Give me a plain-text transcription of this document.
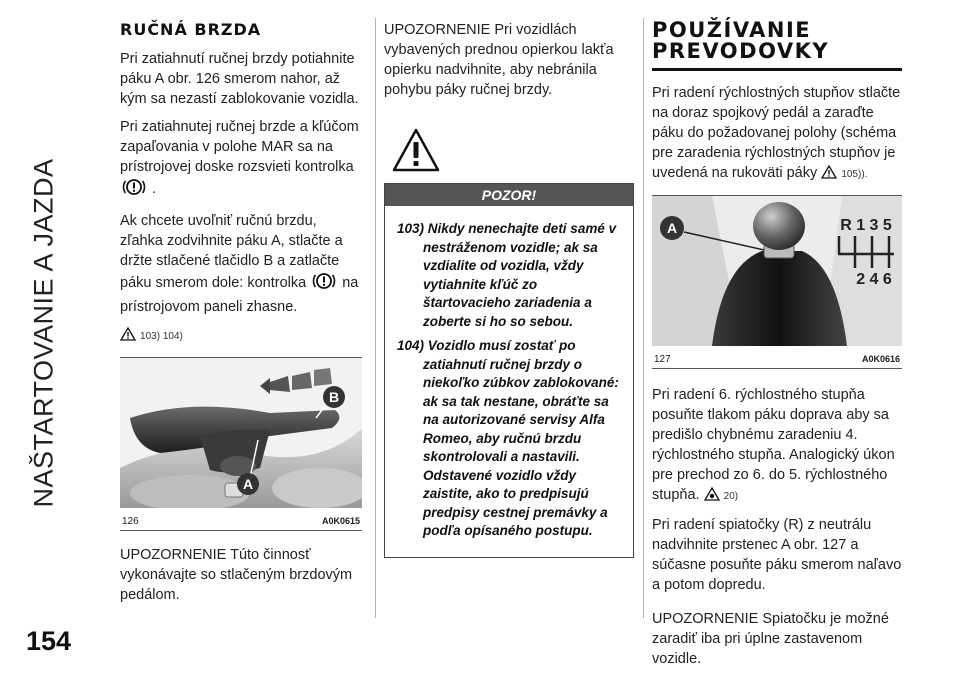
NAŠTARTOVANIE A JAZDA
154
RUČNÁ BRZDA

Pri zatiahnutí ručnej brzdy potiahnite páku A obr. 126 smerom nahor, až kým sa nezastí zablokovanie vozidla.

Pri zatiahnutej ručnej brzde a kľúčom zapaľovania v polohe MAR sa na prístrojovej doske rozsvieti kontrolka  .

Ak chcete uvoľniť ručnú brzdu, zľahka zodvihnite páku A, stlačte a držte stlačené tlačidlo B a zatlačte páku smerom dole: kontrolka na prístrojovom paneli zhasne.

103) 104)

A
B
126	A0K0615

UPOZORNENIE Túto činnosť vykonávajte so stlačeným brzdovým pedálom.

UPOZORNENIE Pri vozidlách vybavených prednou opierkou lakťa opierku nadvihnite, aby nebránila pohybu páky ručnej brzdy.

POZOR!
103) Nikdy nenechajte deti samé v nestráženom vozidle; ak sa vzdialite od vozidla, vždy vytiahnite kľúč zo štartovacieho zariadenia a zoberte si ho so sebou.
104) Vozidlo musí zostať po zatiahnutí ručnej brzdy o niekoľko zúbkov zablokované: ak sa tak nestane, obráťte sa na autorizované servisy Alfa Romeo, aby ručnú brzdu skontrolovali a nastavili. Odstavené vozidlo vždy zaistite, ako to predpisujú predpisy cestnej premávky a podľa opísaného postupu.
POUŽÍVANIE
PREVODOVKY

Pri radení rýchlostných stupňov stlačte na doraz spojkový pedál a zaraďte páku do požadovanej polohy (schéma pre zaradenia rýchlostných stupňov je uvedená na rukoväti páky 105)).

A	R 1 3 5
2 4 6
127	A0K0616

Pri radení 6. rýchlostného stupňa posuňte tlakom páku doprava aby sa predišlo chybnému zaradeniu 4. rýchlostného stupňa. Analogický úkon pre prechod zo 6. do 5. rýchlostného stupňa. 20)

Pri radení spiatočky (R) z neutrálu nadvihnite prstenec A obr. 127 a súčasne posuňte páku smerom naľavo a potom dopredu.

UPOZORNENIE Spiatočku je možné zaradiť iba pri úplne zastavenom vozidle.
